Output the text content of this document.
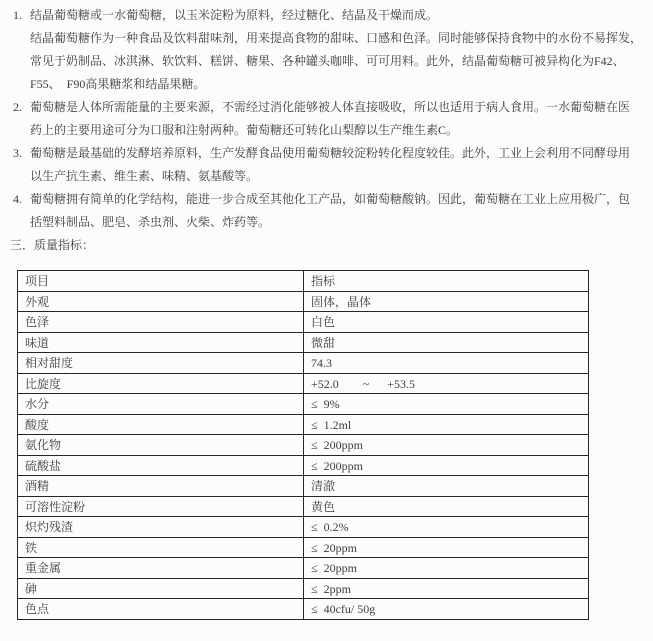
1. 结晶葡萄糖或一水葡萄糖，以玉米淀粉为原料，经过糖化、结晶及干燥而成。
结晶葡萄糖作为一种食品及饮料甜味剂，用来提高食物的甜味、口感和色泽。同时能够保持食物中的水份不易挥发，
常见于奶制品、冰淇淋、软饮料、糕饼、糖果、各种罐头咖啡、可可用料。此外，结晶葡萄糖可被异构化为F42、
F55、  F90高果糖浆和结晶果糖。
2. 葡萄糖是人体所需能量的主要来源，不需经过消化能够被人体直接吸收，所以也适用于病人食用。一水葡萄糖在医
药上的主要用途可分为口服和注射两种。葡萄糖还可转化山梨醇以生产维生素C。
3. 葡萄糖是最基础的发酵培养原料，生产发酵食品使用葡萄糖较淀粉转化程度较佳。此外，工业上会利用不同酵母用
以生产抗生素、维生素、味精、氨基酸等。
4. 葡萄糖拥有简单的化学结构，能进一步合成至其他化工产品，如葡萄糖酸钠。因此，葡萄糖在工业上应用极广，包
括塑料制品、肥皂、杀虫剂、火柴、炸药等。
三．质量指标：
项目	指标
外观	固体，晶体
色泽	白色
味道	微甜
相对甜度	74.3
比旋度	+52.0        ~      +53.5
水分	≤  9%
酸度	≤  1.2ml
氨化物	≤  200ppm
硫酸盐	≤  200ppm
酒精	清澈
可溶性淀粉	黄色
炽灼残渣	≤  0.2%
铁	≤  20ppm
重金属	≤  20ppm
砷	≤  2ppm
色点	≤  40cfu/ 50g
